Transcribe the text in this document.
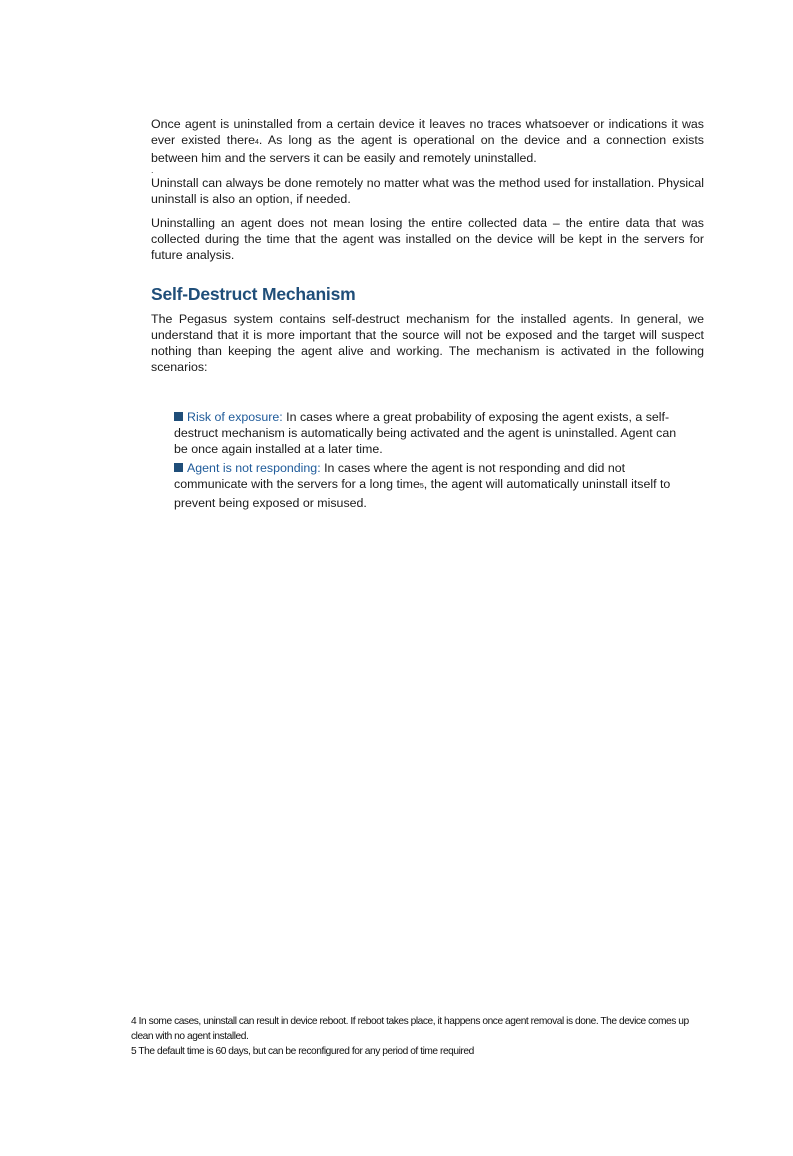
Once agent is uninstalled from a certain device it leaves no traces whatsoever or indications it was ever existed there4. As long as the agent is operational on the device and a connection exists between him and the servers it can be easily and remotely uninstalled.

.

Uninstall can always be done remotely no matter what was the method used for installation. Physical uninstall is also an option, if needed.

Uninstalling an agent does not mean losing the entire collected data – the entire data that was collected during the time that the agent was installed on the device will be kept in the servers for future analysis.

Self-Destruct Mechanism

The Pegasus system contains self-destruct mechanism for the installed agents. In general, we understand that it is more important that the source will not be exposed and the target will suspect nothing than keeping the agent alive and working. The mechanism is activated in the following scenarios:

Risk of exposure: In cases where a great probability of exposing the agent exists, a self-destruct mechanism is automatically being activated and the agent is uninstalled. Agent can be once again installed at a later time.

Agent is not responding: In cases where the agent is not responding and did not communicate with the servers for a long time5, the agent will automatically uninstall itself to prevent being exposed or misused.

4 In some cases, uninstall can result in device reboot. If reboot takes place, it happens once agent removal is done. The device comes up clean with no agent installed.

5 The default time is 60 days, but can be reconfigured for any period of time required
